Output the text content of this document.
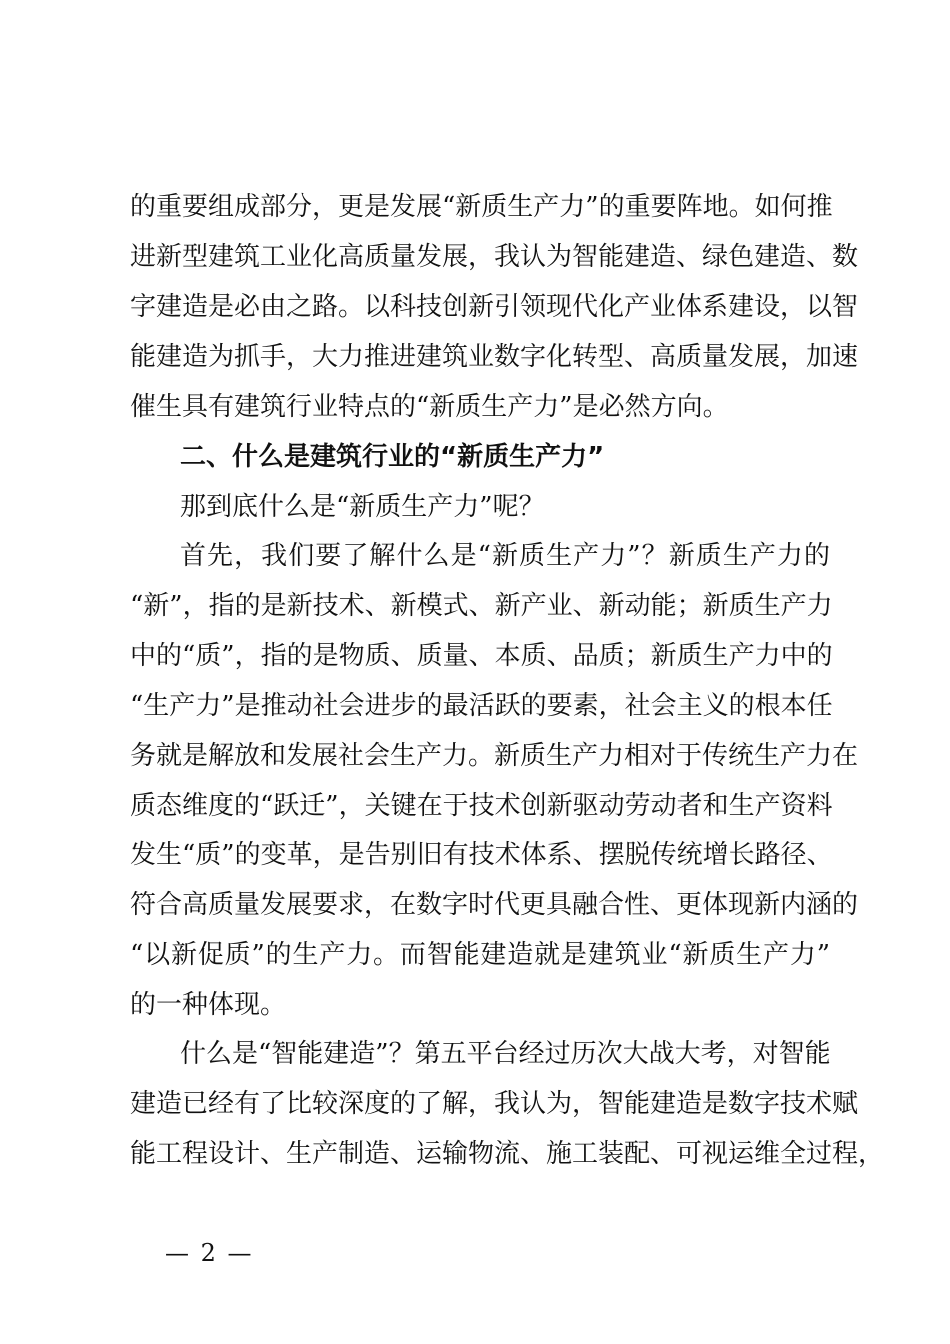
的重要组成部分，更是发展“新质生产力”的重要阵地。如何推
进新型建筑工业化高质量发展，我认为智能建造、绿色建造、数
字建造是必由之路。以科技创新引领现代化产业体系建设，以智
能建造为抓手，大力推进建筑业数字化转型、高质量发展，加速
催生具有建筑行业特点的“新质生产力”是必然方向。
二、什么是建筑行业的“新质生产力”
那到底什么是“新质生产力”呢？
首先，我们要了解什么是“新质生产力”？新质生产力的
“新”，指的是新技术、新模式、新产业、新动能；新质生产力
中的“质”，指的是物质、质量、本质、品质；新质生产力中的
“生产力”是推动社会进步的最活跃的要素，社会主义的根本任
务就是解放和发展社会生产力。新质生产力相对于传统生产力在
质态维度的“跃迁”，关键在于技术创新驱动劳动者和生产资料
发生“质”的变革，是告别旧有技术体系、摆脱传统增长路径、
符合高质量发展要求，在数字时代更具融合性、更体现新内涵的
“以新促质”的生产力。而智能建造就是建筑业“新质生产力”
的一种体现。
什么是“智能建造”？第五平台经过历次大战大考，对智能
建造已经有了比较深度的了解，我认为，智能建造是数字技术赋
能工程设计、生产制造、运输物流、施工装配、可视运维全过程，
— 2 —
